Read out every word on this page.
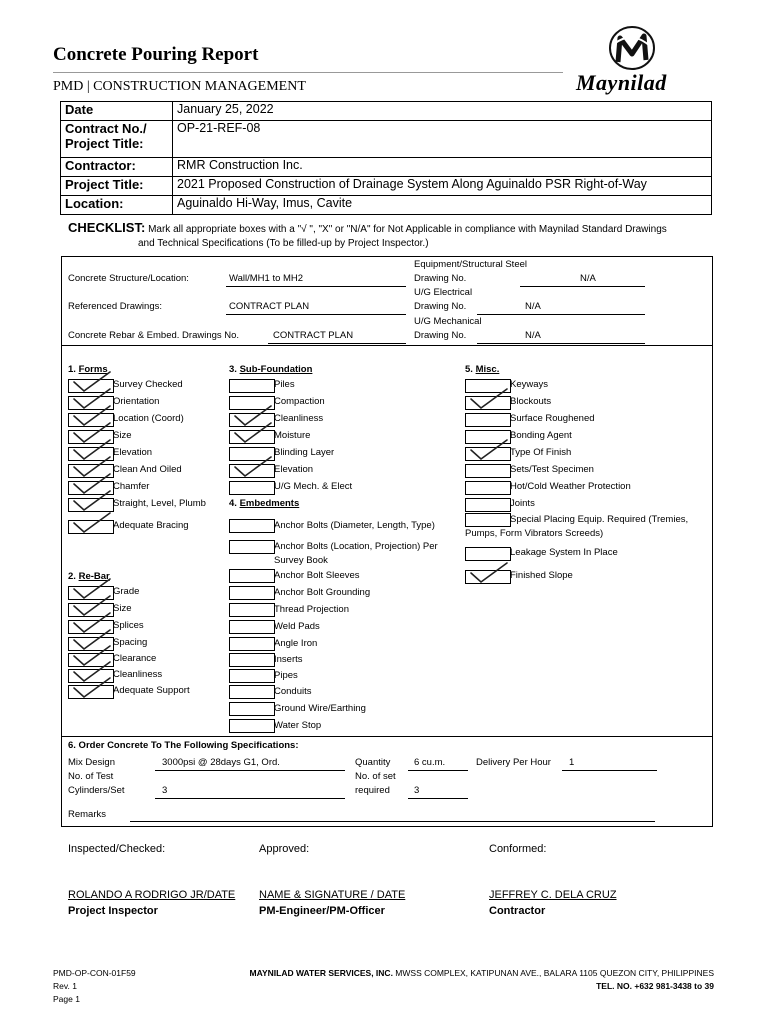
Concrete Pouring Report
PMD | CONSTRUCTION MANAGEMENT	Maynilad
Date	January 25, 2022

Contract No./
Project Title:	OP-21-REF-08
Contractor:	RMR Construction Inc.
Project Title:	2021 Proposed Construction of Drainage System Along Aguinaldo PSR Right-of-Way
Location:	Aguinaldo Hi-Way, Imus, Cavite
CHECKLIST: Mark all appropriate boxes with a "√ ", "X" or "N/A" for Not Applicable in compliance with Maynilad Standard Drawings
and Technical Specifications (To be filled-up by Project Inspector.)
Concrete Structure/Location:	Wall/MH1 to MH2
Referenced Drawings:	CONTRACT PLAN
Concrete Rebar & Embed. Drawings No.	CONTRACT PLAN
Equipment/Structural Steel
Drawing No.	N/A
U/G Electrical
Drawing No.	N/A
U/G Mechanical
Drawing No.	N/A
1. Forms
2. Re-Bar
3. Sub-Foundation
4. Embedments
5. Misc.
Survey Checked
Orientation
Location (Coord)
Size
Elevation
Clean And Oiled
Chamfer
Straight, Level, Plumb
Adequate Bracing
Grade
Size
Splices
Spacing
Clearance
Cleanliness
Adequate Support
Piles
Compaction
Cleanliness
Moisture
Blinding Layer
Elevation
U/G Mech. & Elect
Anchor Bolts (Diameter, Length, Type)
Anchor Bolts (Location, Projection) Per
Survey Book
Anchor Bolt Sleeves
Anchor Bolt Grounding
Thread Projection
Weld Pads
Angle Iron
Inserts
Pipes
Conduits
Ground Wire/Earthing
Water Stop
Keyways
Blockouts
Surface Roughened
Bonding Agent
Type Of Finish
Sets/Test Specimen
Hot/Cold Weather Protection
Joints
Special Placing Equip. Required (Tremies,
Pumps, Form Vibrators Screeds)
Leakage System In Place
Finished Slope
6. Order Concrete To The Following Specifications:
Mix Design	3000psi @ 28days G1, Ord.	Quantity 6 cu.m.	Delivery Per Hour 1
No. of Test
Cylinders/Set	3
No. of set
required	3
Remarks
Inspected/Checked:	Approved:	Conformed:
ROLANDO A RODRIGO JR/DATE
Project Inspector
NAME & SIGNATURE / DATE
PM-Engineer/PM-Officer
JEFFREY C. DELA CRUZ
Contractor
PMD-OP-CON-01F59
Rev. 1
Page 1
MAYNILAD WATER SERVICES, INC. MWSS COMPLEX, KATIPUNAN AVE., BALARA 1105 QUEZON CITY, PHILIPPINES
TEL. NO. +632 981-3438 to 39
